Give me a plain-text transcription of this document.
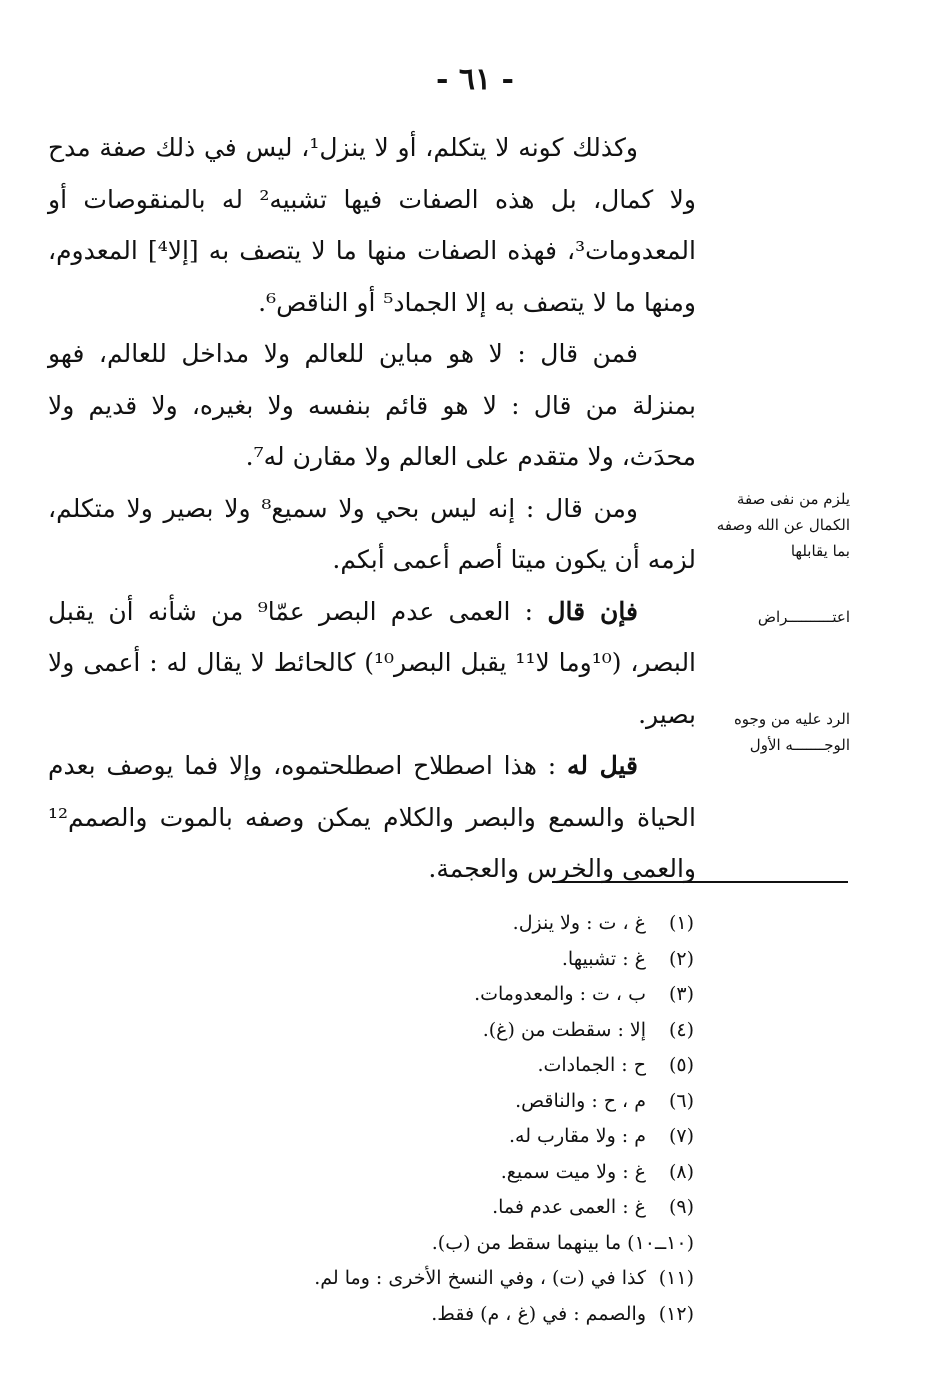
- ٦١ -

وكذلك كونه لا يتكلم، أو لا ينزل¹، ليس في ذلك صفة مدح ولا كمال، بل هذه الصفات فيها تشبيه² له بالمنقوصات أو المعدومات³، فهذه الصفات منها ما لا يتصف به [إلا⁴] المعدوم، ومنها ما لا يتصف به إلا الجماد⁵ أو الناقص⁶.

فمن قال : لا هو مباين للعالم ولا مداخل للعالم، فهو بمنزلة من قال : لا هو قائم بنفسه ولا بغيره، ولا قديم ولا محدَث، ولا متقدم على العالم ولا مقارن له⁷.

ومن قال : إنه ليس بحي ولا سميع⁸ ولا بصير ولا متكلم، لزمه أن يكون ميتا أصم أعمى أبكم.

فإن قال : العمى عدم البصر عمّا⁹ من شأنه أن يقبل البصر، (¹⁰وما لا¹¹ يقبل البصر¹⁰) كالحائط لا يقال له : أعمى ولا بصير.

قيل له : هذا اصطلاح اصطلحتموه، وإلا فما يوصف بعدم الحياة والسمع والبصر والكلام يمكن وصفه بالموت والصمم¹² والعمى والخرس والعجمة.

يلزم من نفى صفة الكمال عن الله وصفه بما يقابلها
اعتــــــــــراض
الرد عليه من وجوه الوجـــــــه الأول
(١)غ ، ت : ولا ينزل.
(٢)غ : تشبيها.
(٣)ب ، ت : والمعدومات.
(٤)إلا : سقطت من (غ).
(٥)ح : الجمادات.
(٦)م ، ح : والناقص.
(٧)م : ولا مقارب له.
(٨)غ : ولا ميت سميع.
(٩)غ : العمى عدم فما.
(١٠ــ١٠) ما بينهما سقط من (ب).
(١١)كذا في (ت) ، وفي النسخ الأخرى : وما لم.
(١٢)والصمم : في (غ ، م) فقط.
